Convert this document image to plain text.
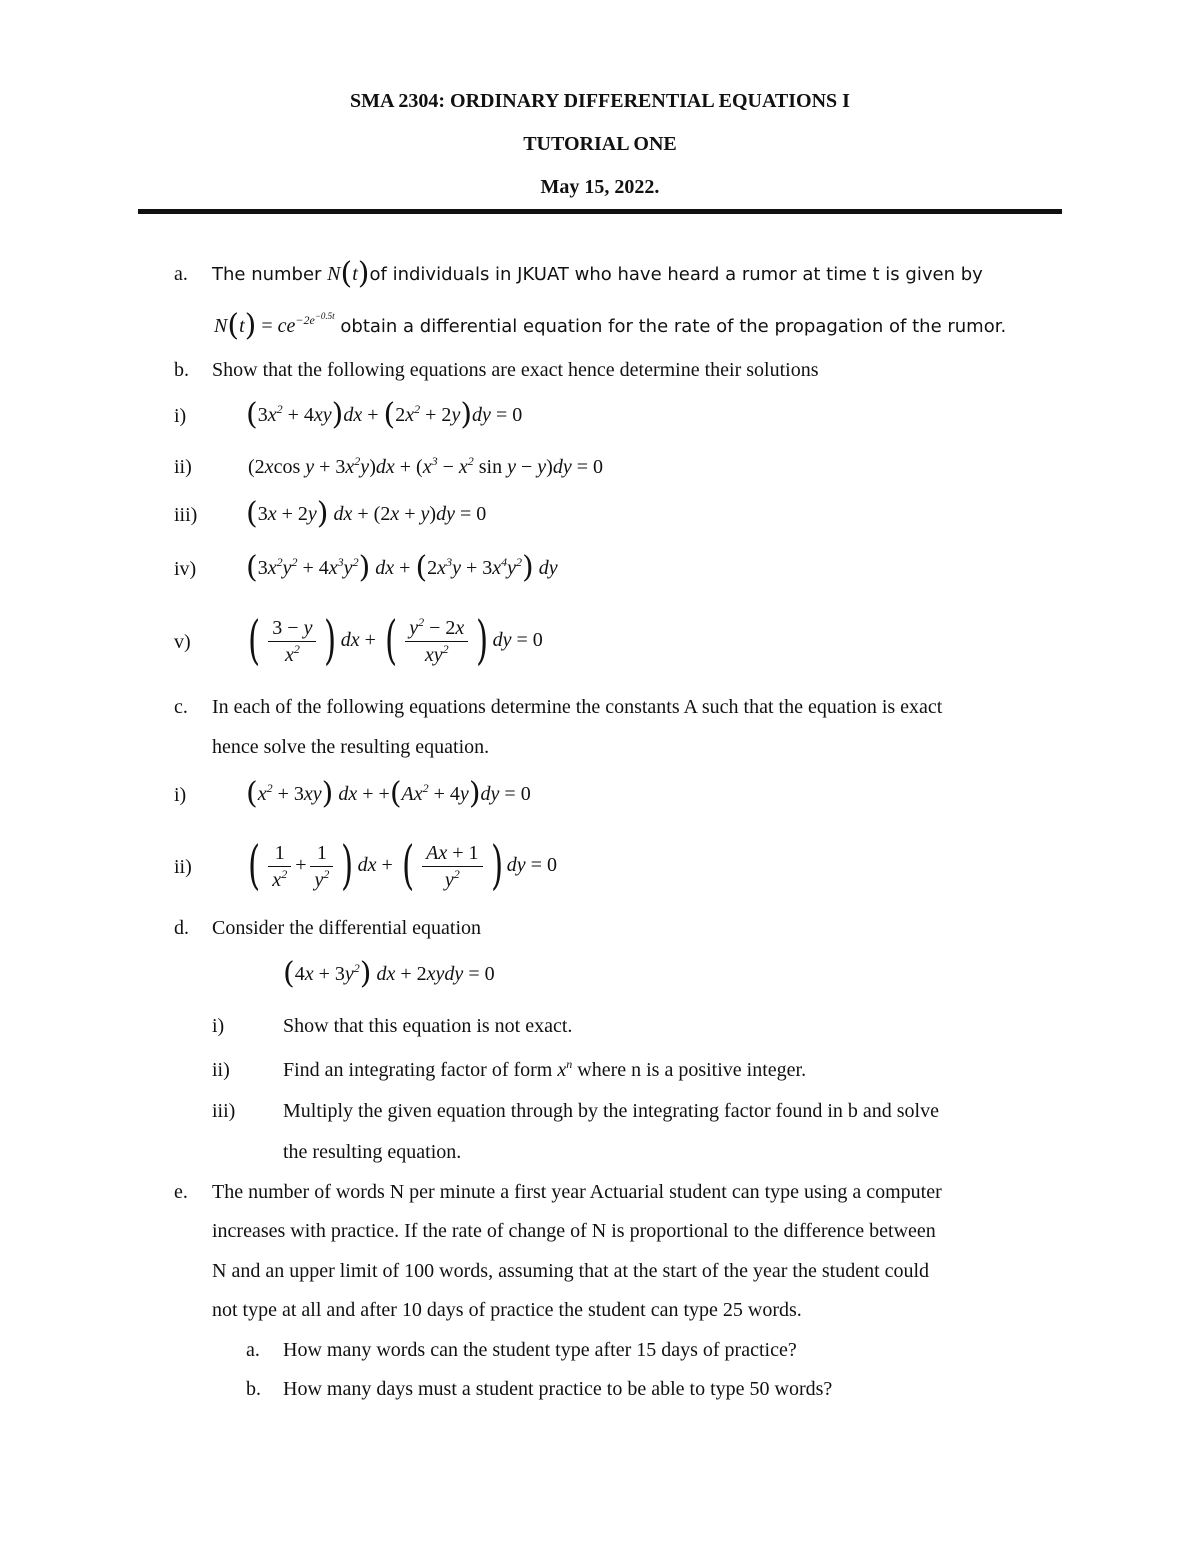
SMA 2304: ORDINARY DIFFERENTIAL EQUATIONS I
TUTORIAL ONE
May 15, 2022.
a. The number N(t)of individuals in JKUAT who have heard a rumor at time t is given by
$N(t) = ce^{-2e^{-0.5t}}$ obtain a differential equation for the rate of the propagation of the rumor.
b. Show that the following equations are exact hence determine their solutions
i) $(3x^2 + 4xy)dx + (2x^2 + 2y)dy = 0$
ii)	(2xcos $y + 3x^2y)dx + (x^3 - x^2$ sin y − y)dy = 0
iii) (3x + 2y) dx + (2x + y)dy = 0
iv) $(3x^2y^2 + 4x^3y^2)$ dx + $(2x^3y + 3x^4y^2)$ dy
v) ( $\frac{3 - y}{x^2}$ ) dx + ( $\frac{y^2 - 2x}{xy^2}$ ) dy = 0
c. In each of the following equations determine the constants A such that the equation is exact
hence solve the resulting equation.
i) $(x^2 + 3xy)$ dx + $+(Ax^2 + 4y)dy = 0$
ii) ( $\frac{1}{x^2} + \frac{1}{y^2}$ ) dx + ( $\frac{Ax + 1}{y^2}$ ) dy = 0
d. Consider the differential equation
$(4x + 3y^2)$ dx + 2xydy = 0
i)	Show that this equation is not exact.
ii)	Find an integrating factor of form $x^n$ where n is a positive integer.
iii) Multiply the given equation through by the integrating factor found in b and solve
the resulting equation.
e. The number of words N per minute a first year Actuarial student can type using a computer
increases with practice. If the rate of change of N is proportional to the difference between
N and an upper limit of 100 words, assuming that at the start of the year the student could
not type at all and after 10 days of practice the student can type 25 words.
a. How many words can the student type after 15 days of practice?
b. How many days must a student practice to be able to type 50 words?
